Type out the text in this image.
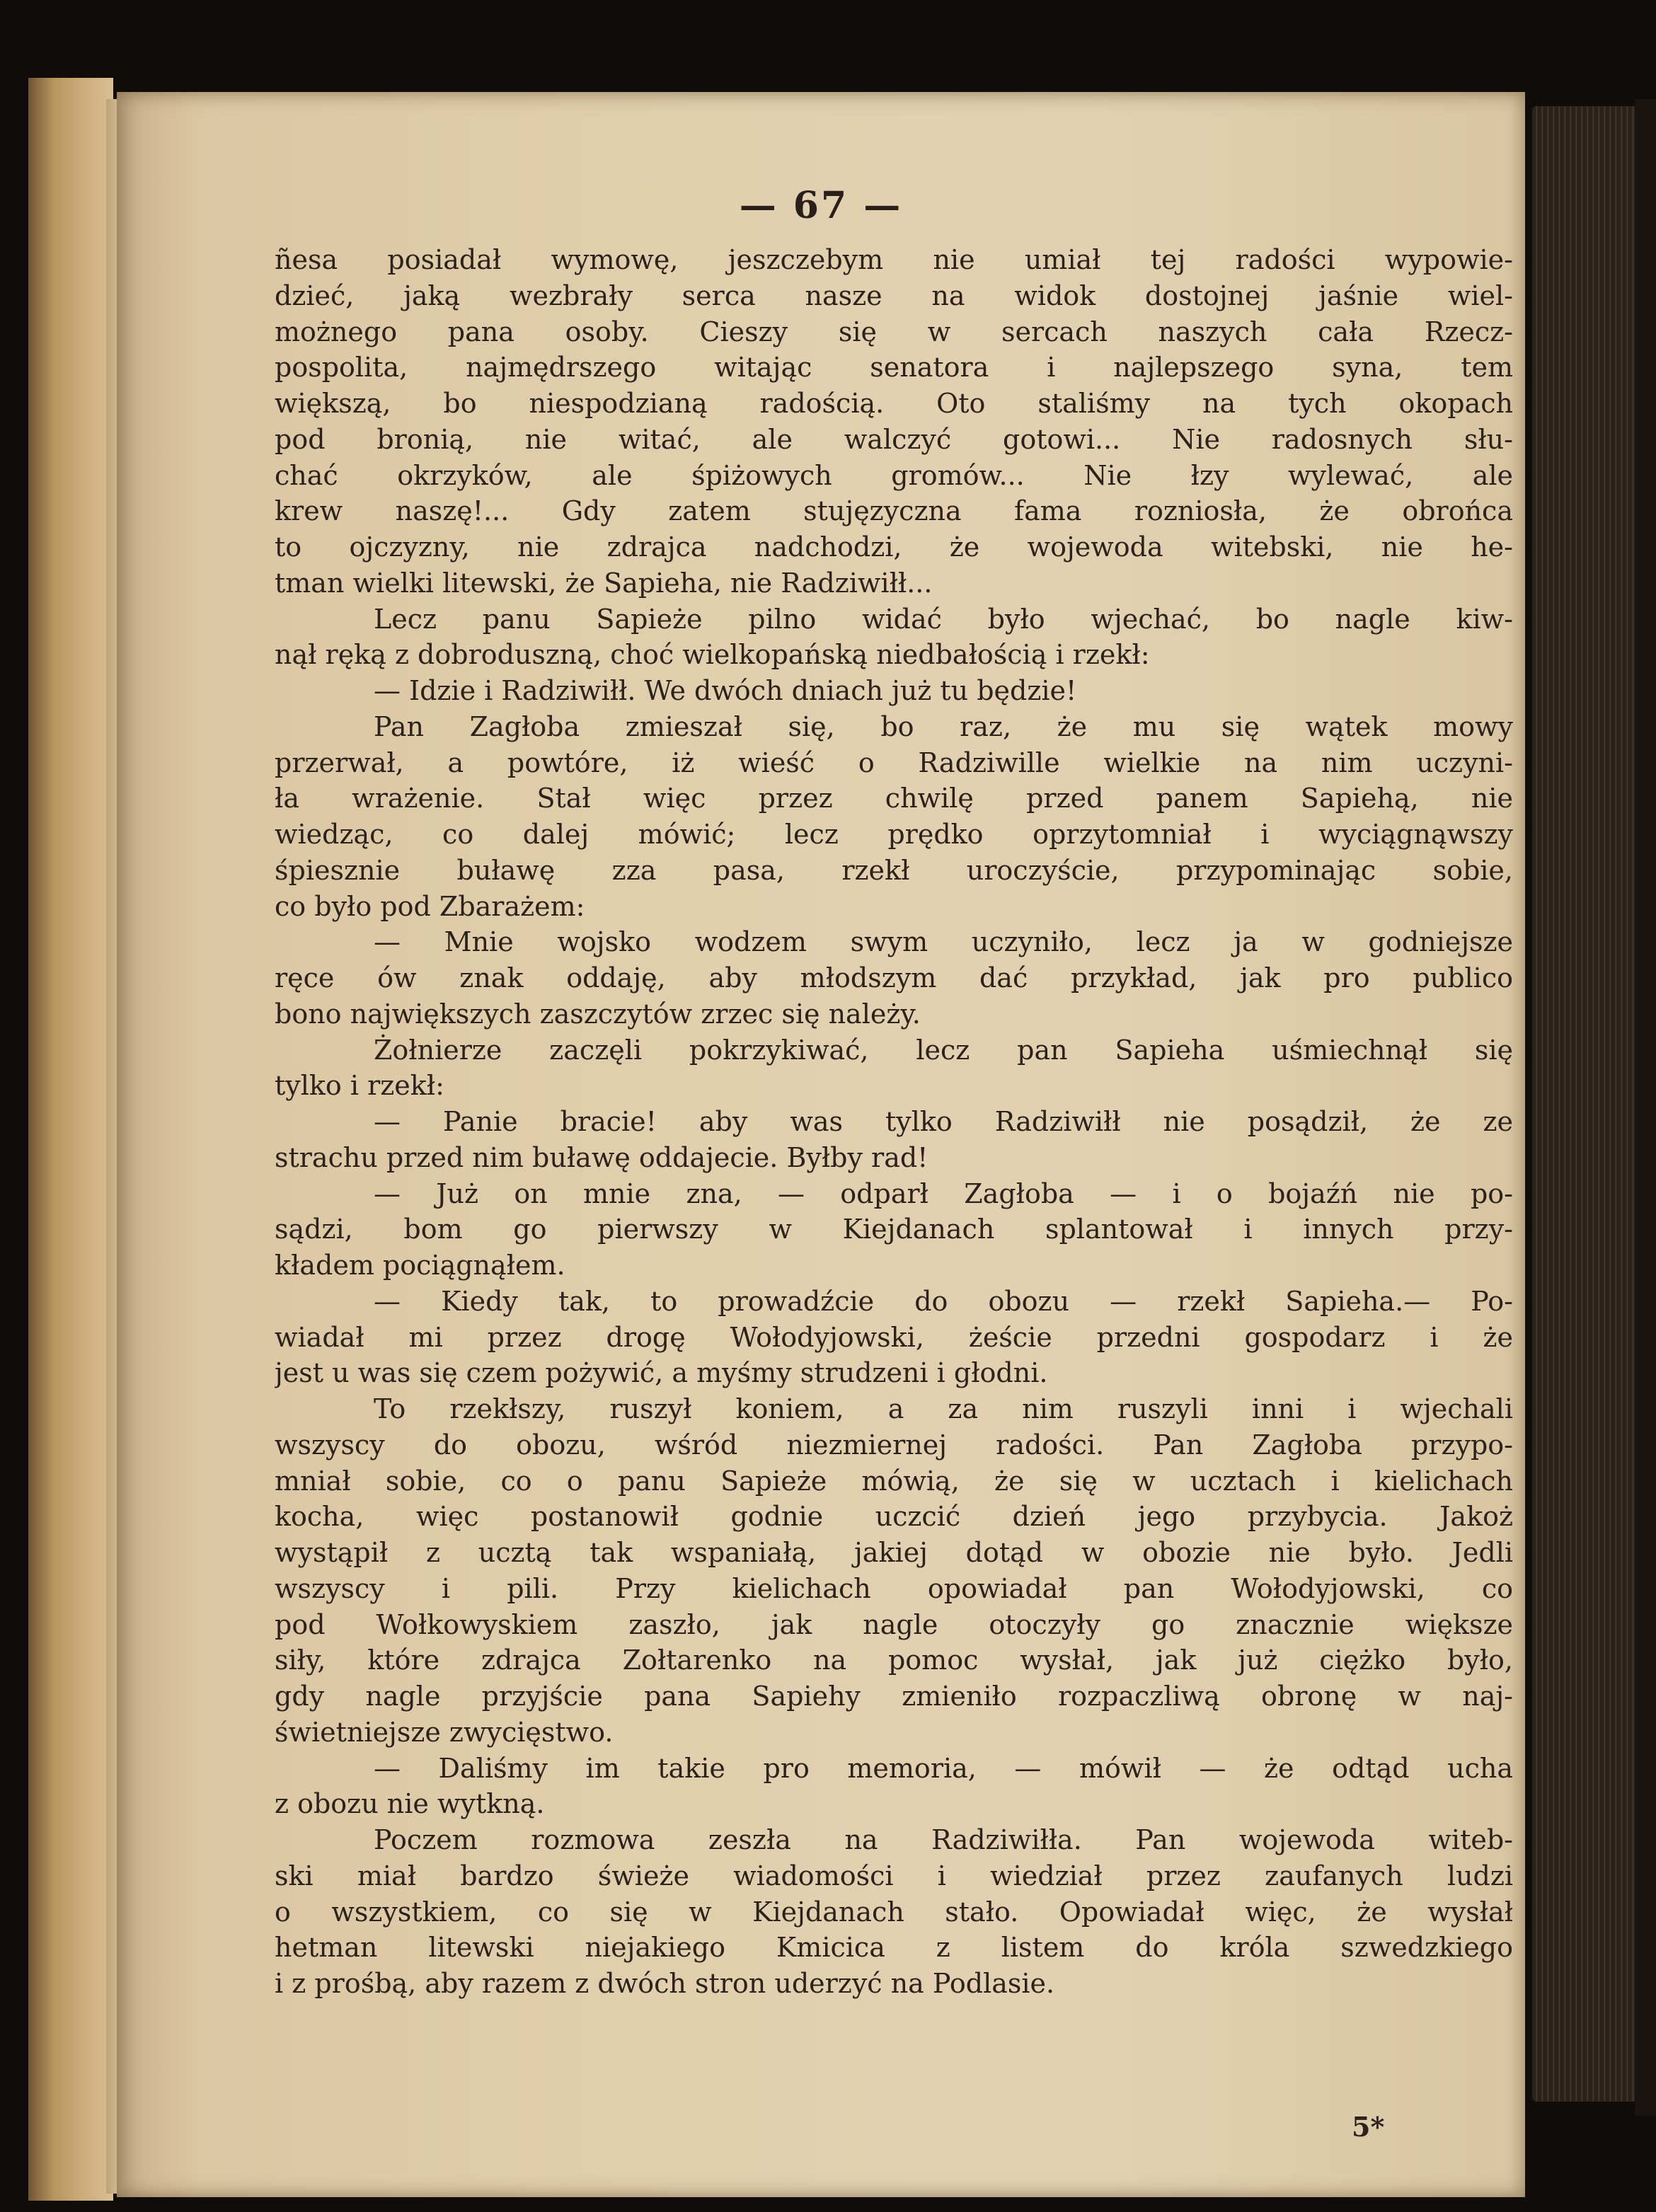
— 67 —
ñesa posiadał wymowę, jeszczebym nie umiał tej radości wypowie-
dzieć, jaką wezbrały serca nasze na widok dostojnej jaśnie wiel-
możnego pana osoby. Cieszy się w sercach naszych cała Rzecz-
pospolita, najmędrszego witając senatora i najlepszego syna, tem
większą, bo niespodzianą radością. Oto staliśmy na tych okopach
pod bronią, nie witać, ale walczyć gotowi... Nie radosnych słu-
chać okrzyków, ale śpiżowych gromów... Nie łzy wylewać, ale
krew naszę!... Gdy zatem stujęzyczna fama rozniosła, że obrońca
to ojczyzny, nie zdrajca nadchodzi, że wojewoda witebski, nie he-
tman wielki litewski, że Sapieha, nie Radziwiłł...
Lecz panu Sapieże pilno widać było wjechać, bo nagle kiw-
nął ręką z dobroduszną, choć wielkopańską niedbałością i rzekł:
— Idzie i Radziwiłł. We dwóch dniach już tu będzie!
Pan Zagłoba zmieszał się, bo raz, że mu się wątek mowy
przerwał, a powtóre, iż wieść o Radziwille wielkie na nim uczyni-
ła wrażenie. Stał więc przez chwilę przed panem Sapiehą, nie
wiedząc, co dalej mówić; lecz prędko oprzytomniał i wyciągnąwszy
śpiesznie buławę zza pasa, rzekł uroczyście, przypominając sobie,
co było pod Zbarażem:
— Mnie wojsko wodzem swym uczyniło, lecz ja w godniejsze
ręce ów znak oddaję, aby młodszym dać przykład, jak pro publico
bono największych zaszczytów zrzec się należy.
Żołnierze zaczęli pokrzykiwać, lecz pan Sapieha uśmiechnął się
tylko i rzekł:
— Panie bracie! aby was tylko Radziwiłł nie posądził, że ze
strachu przed nim buławę oddajecie. Byłby rad!
— Już on mnie zna, — odparł Zagłoba — i o bojaźń nie po-
sądzi, bom go pierwszy w Kiejdanach splantował i innych przy-
kładem pociągnąłem.
— Kiedy tak, to prowadźcie do obozu — rzekł Sapieha.— Po-
wiadał mi przez drogę Wołodyjowski, żeście przedni gospodarz i że
jest u was się czem pożywić, a myśmy strudzeni i głodni.
To rzekłszy, ruszył koniem, a za nim ruszyli inni i wjechali
wszyscy do obozu, wśród niezmiernej radości. Pan Zagłoba przypo-
mniał sobie, co o panu Sapieże mówią, że się w ucztach i kielichach
kocha, więc postanowił godnie uczcić dzień jego przybycia. Jakoż
wystąpił z ucztą tak wspaniałą, jakiej dotąd w obozie nie było. Jedli
wszyscy i pili. Przy kielichach opowiadał pan Wołodyjowski, co
pod Wołkowyskiem zaszło, jak nagle otoczyły go znacznie większe
siły, które zdrajca Zołtarenko na pomoc wysłał, jak już ciężko było,
gdy nagle przyjście pana Sapiehy zmieniło rozpaczliwą obronę w naj-
świetniejsze zwycięstwo.
— Daliśmy im takie pro memoria, — mówił — że odtąd ucha
z obozu nie wytkną.
Poczem rozmowa zeszła na Radziwiłła. Pan wojewoda witeb-
ski miał bardzo świeże wiadomości i wiedział przez zaufanych ludzi
o wszystkiem, co się w Kiejdanach stało. Opowiadał więc, że wysłał
hetman litewski niejakiego Kmicica z listem do króla szwedzkiego
i z prośbą, aby razem z dwóch stron uderzyć na Podlasie.
5*
